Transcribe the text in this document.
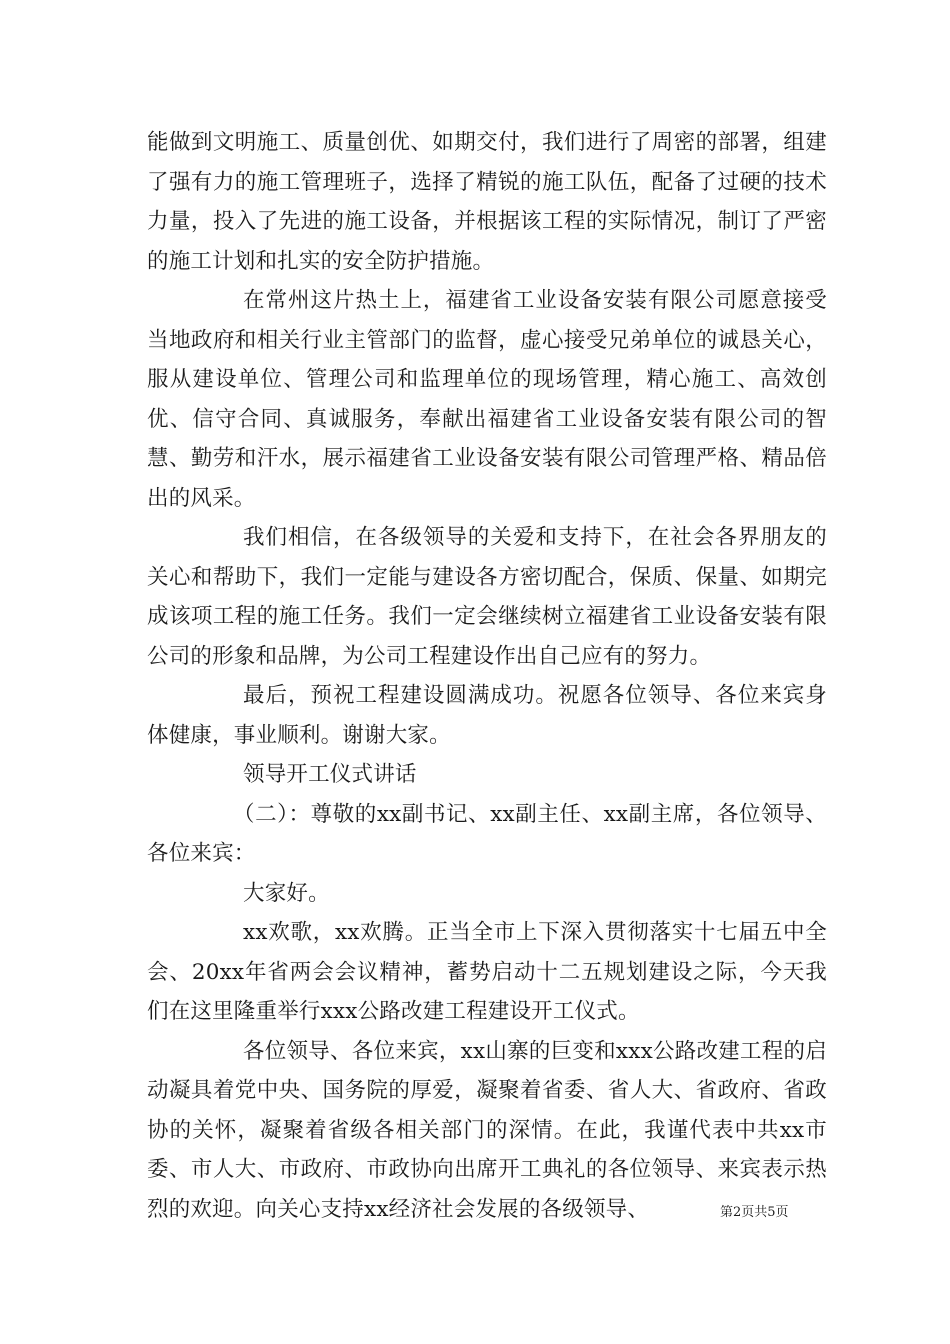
能做到文明施工、质量创优、如期交付，我们进行了周密的部署，组建了强有力的施工管理班子，选择了精锐的施工队伍，配备了过硬的技术力量，投入了先进的施工设备，并根据该工程的实际情况，制订了严密的施工计划和扎实的安全防护措施。

在常州这片热土上，福建省工业设备安装有限公司愿意接受当地政府和相关行业主管部门的监督，虚心接受兄弟单位的诚恳关心，服从建设单位、管理公司和监理单位的现场管理，精心施工、高效创优、信守合同、真诚服务，奉献出福建省工业设备安装有限公司的智慧、勤劳和汗水，展示福建省工业设备安装有限公司管理严格、精品倍出的风采。

我们相信，在各级领导的关爱和支持下，在社会各界朋友的关心和帮助下，我们一定能与建设各方密切配合，保质、保量、如期完成该项工程的施工任务。我们一定会继续树立福建省工业设备安装有限公司的形象和品牌，为公司工程建设作出自己应有的努力。

最后，预祝工程建设圆满成功。祝愿各位领导、各位来宾身体健康，事业顺利。谢谢大家。

领导开工仪式讲话

（二）：尊敬的xx副书记、xx副主任、xx副主席，各位领导、各位来宾：

大家好。

xx欢歌，xx欢腾。正当全市上下深入贯彻落实十七届五中全会、20xx年省两会会议精神，蓄势启动十二五规划建设之际，今天我们在这里隆重举行xxx公路改建工程建设开工仪式。

各位领导、各位来宾，xx山寨的巨变和xxx公路改建工程的启动凝具着党中央、国务院的厚爱，凝聚着省委、省人大、省政府、省政协的关怀，凝聚着省级各相关部门的深情。在此，我谨代表中共xx市委、市人大、市政府、市政协向出席开工典礼的各位领导、来宾表示热烈的欢迎。向关心支持xx经济社会发展的各级领导、	第2页共5页
